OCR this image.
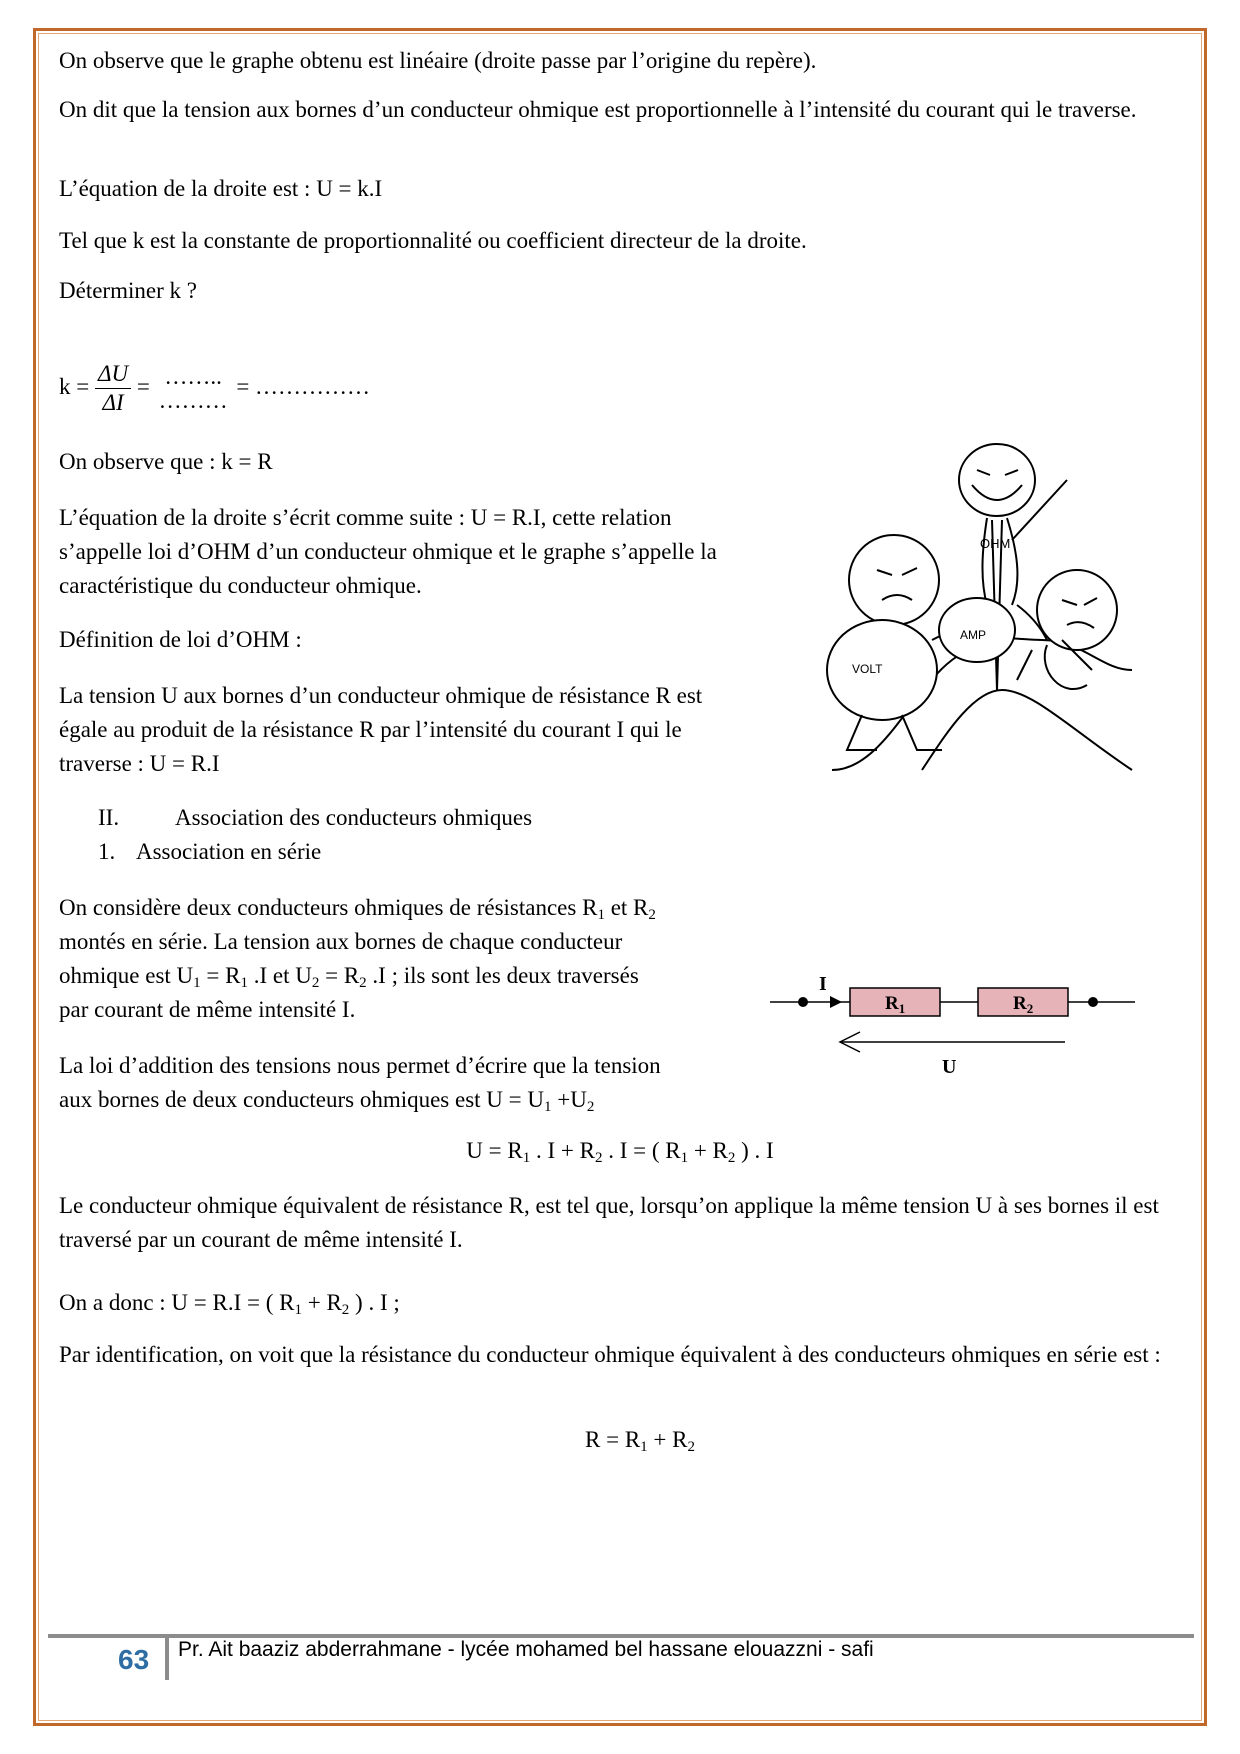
On observe que le graphe obtenu est linéaire (droite passe par l’origine du repère).

On dit que la tension aux bornes d’un conducteur ohmique est proportionnelle à l’intensité du courant qui le traverse.

L’équation de la droite est : U = k.I

Tel que k est la constante de proportionnalité ou coefficient directeur de la droite.

Déterminer k ?

$k = \frac{\Delta U}{\Delta I}$ = ……..
………
= ……………

On observe que : k = R

L’équation de la droite s’écrit comme suite : U = R.I, cette relation

s’appelle loi d’OHM d’un conducteur ohmique et le graphe s’appelle la

caractéristique du conducteur ohmique.

Définition de loi d’OHM :

La tension U aux bornes d’un conducteur ohmique de résistance R est

égale au produit de la résistance R par l’intensité du courant I qui le

traverse : U = R.I

OHM
VOLT
AMP
II. Association des conducteurs ohmiques
1. Association en série

On considère deux conducteurs ohmiques de résistances $R_1$ et $R_2$

montés en série. La tension aux bornes de chaque conducteur

ohmique est $U_1 = R_1$ .I et $U_2 = R_2$ .I ; ils sont les deux traversés

par courant de même intensité I.

La loi d’addition des tensions nous permet d’écrire que la tension

aux bornes de deux conducteurs ohmiques est $U = U_1 +U_2$

I
$R_1$	$R_2$
U
$U = R_1$ . $I + R_2$ . I = ( $R_1 + R_2$ ) . I

Le conducteur ohmique équivalent de résistance R, est tel que, lorsqu’on applique la même tension U à ses bornes il est traversé par un courant de même intensité I.

On a donc : U = R.I = ( $R_1 + R_2$ ) . I ;

Par identification, on voit que la résistance du conducteur ohmique équivalent à des conducteurs ohmiques en série est :

$R = R_1 + R_2$
63 Pr. Ait baaziz abderrahmane - lycée mohamed bel hassane elouazzni - safi
